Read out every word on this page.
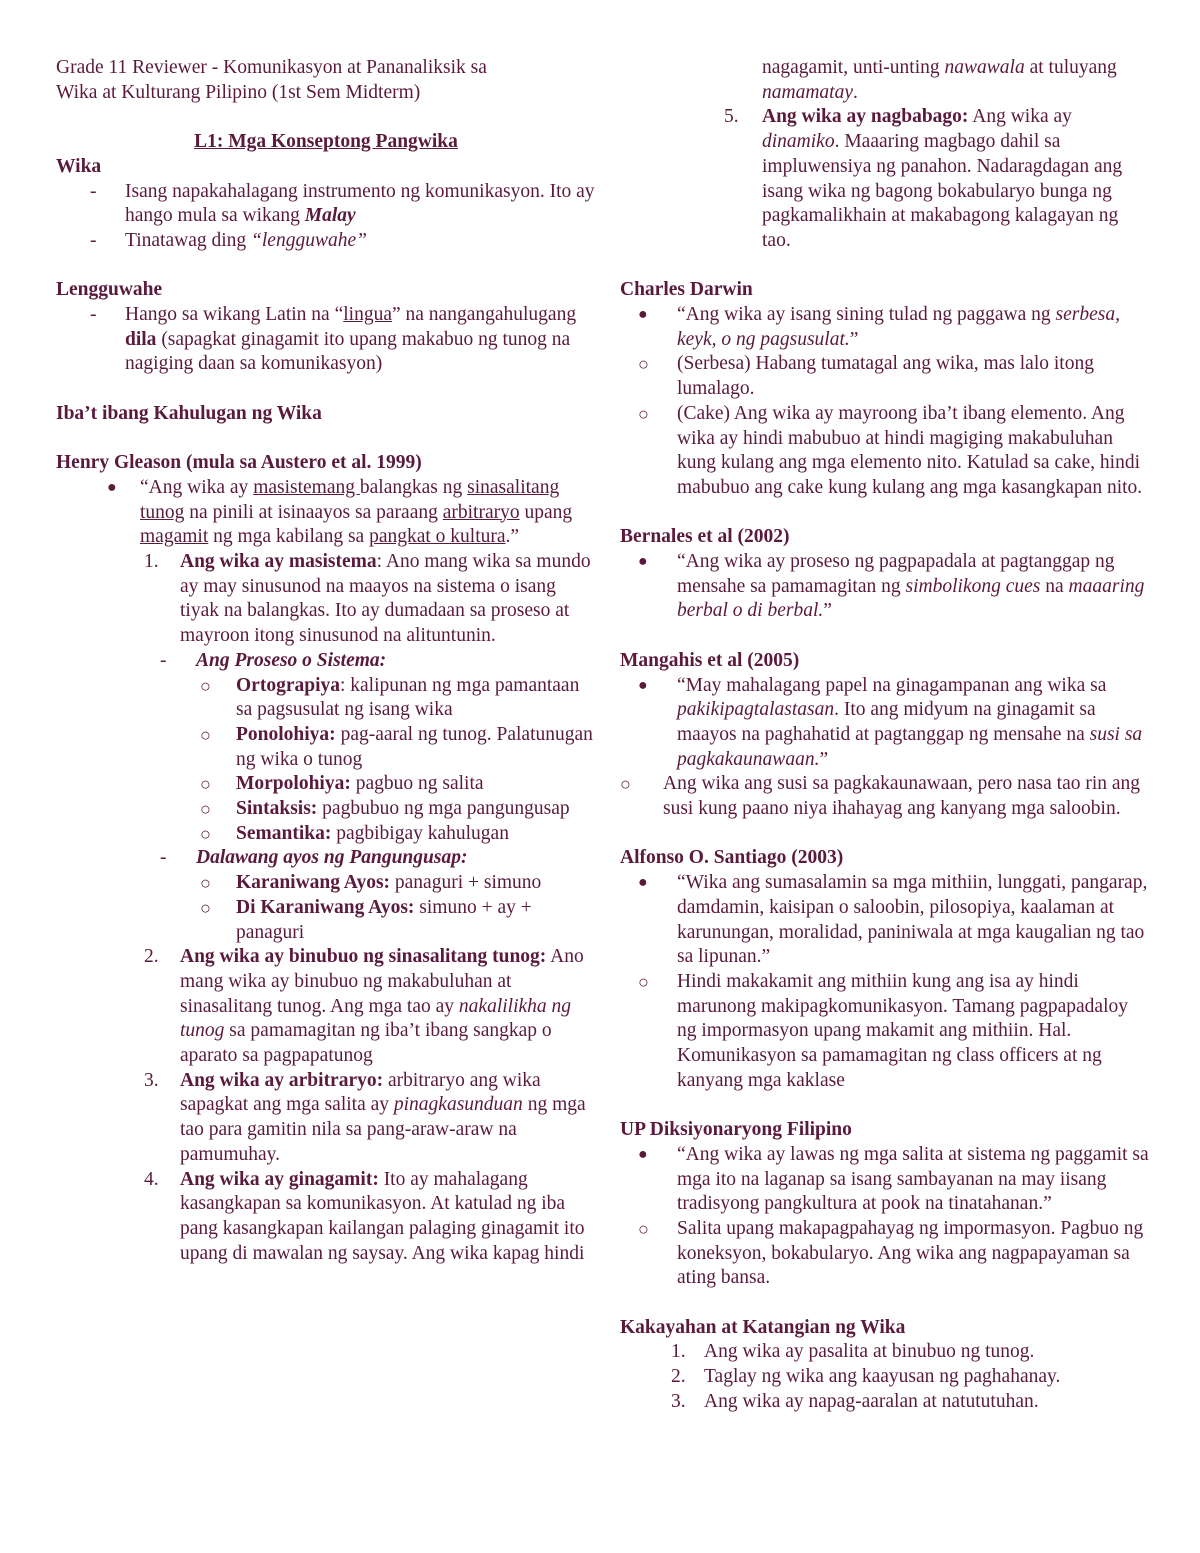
Grade 11 Reviewer - Komunikasyon at Pananaliksik sa
Wika at Kulturang Pilipino (1st Sem Midterm)

L1: Mga Konseptong Pangwika

Wika

-	Isang napakahalagang instrumento ng komunikasyon. Ito ay hango mula sa wikang Malay
-	Tinatawag ding “lengguwahe”

Lengguwahe

-	Hango sa wikang Latin na “lingua” na nangangahulugang dila (sapagkat ginagamit ito upang makabuo ng tunog na nagiging daan sa komunikasyon)

Iba’t ibang Kahulugan ng Wika

Henry Gleason (mula sa Austero et al. 1999)

●	“Ang wika ay masistemang balangkas ng sinasalitang tunog na pinili at isinaayos sa paraang arbitraryo upang magamit ng mga kabilang sa pangkat o kultura.”
1.	Ang wika ay masistema: Ano mang wika sa mundo ay may sinusunod na maayos na sistema o isang tiyak na balangkas. Ito ay dumadaan sa proseso at mayroon itong sinusunod na alituntunin.
-	Ang Proseso o Sistema:
○	Ortograpiya: kalipunan ng mga pamantaan sa pagsusulat ng isang wika
○	Ponolohiya: pag-aaral ng tunog. Palatunugan ng wika o tunog
○	Morpolohiya: pagbuo ng salita
○	Sintaksis: pagbubuo ng mga pangungusap
○	Semantika: pagbibigay kahulugan
-	Dalawang ayos ng Pangungusap:
○	Karaniwang Ayos: panaguri + simuno
○	Di Karaniwang Ayos: simuno + ay + panaguri
2.	Ang wika ay binubuo ng sinasalitang tunog: Ano mang wika ay binubuo ng makabuluhan at sinasalitang tunog. Ang mga tao ay nakalilikha ng tunog sa pamamagitan ng iba’t ibang sangkap o aparato sa pagpapatunog
3.	Ang wika ay arbitraryo: arbitraryo ang wika sapagkat ang mga salita ay pinagkasunduan ng mga tao para gamitin nila sa pang-araw-araw na pamumuhay.
4.	Ang wika ay ginagamit: Ito ay mahalagang kasangkapan sa komunikasyon. At katulad ng iba pang kasangkapan kailangan palaging ginagamit ito upang di mawalan ng saysay. Ang wika kapag hindi
nagagamit, unti-unting nawawala at tuluyang namamatay.
5.	Ang wika ay nagbabago: Ang wika ay dinamiko. Maaaring magbago dahil sa impluwensiya ng panahon. Nadaragdagan ang isang wika ng bagong bokabularyo bunga ng pagkamalikhain at makabagong kalagayan ng tao.

Charles Darwin

●	“Ang wika ay isang sining tulad ng paggawa ng serbesa, keyk, o ng pagsusulat.”
○	(Serbesa) Habang tumatagal ang wika, mas lalo itong lumalago.
○	(Cake) Ang wika ay mayroong iba’t ibang elemento. Ang wika ay hindi mabubuo at hindi magiging makabuluhan kung kulang ang mga elemento nito. Katulad sa cake, hindi mabubuo ang cake kung kulang ang mga kasangkapan nito.

Bernales et al (2002)

●	“Ang wika ay proseso ng pagpapadala at pagtanggap ng mensahe sa pamamagitan ng simbolikong cues na maaaring berbal o di berbal.”

Mangahis et al (2005)

●	“May mahalagang papel na ginagampanan ang wika sa pakikipagtalastasan. Ito ang midyum na ginagamit sa maayos na paghahatid at pagtanggap ng mensahe na susi sa pagkakaunawaan.”
○	Ang wika ang susi sa pagkakaunawaan, pero nasa tao rin ang susi kung paano niya ihahayag ang kanyang mga saloobin.

Alfonso O. Santiago (2003)

●	“Wika ang sumasalamin sa mga mithiin, lunggati, pangarap, damdamin, kaisipan o saloobin, pilosopiya, kaalaman at karunungan, moralidad, paniniwala at mga kaugalian ng tao sa lipunan.”
○	Hindi makakamit ang mithiin kung ang isa ay hindi marunong makipagkomunikasyon. Tamang pagpapadaloy ng impormasyon upang makamit ang mithiin. Hal. Komunikasyon sa pamamagitan ng class officers at ng kanyang mga kaklase

UP Diksiyonaryong Filipino

●	“Ang wika ay lawas ng mga salita at sistema ng paggamit sa mga ito na laganap sa isang sambayanan na may iisang tradisyong pangkultura at pook na tinatahanan.”
○	Salita upang makapagpahayag ng impormasyon. Pagbuo ng koneksyon, bokabularyo. Ang wika ang nagpapayaman sa ating bansa.

Kakayahan at Katangian ng Wika

1. Ang wika ay pasalita at binubuo ng tunog.
2. Taglay ng wika ang kaayusan ng paghahanay.
3. Ang wika ay napag-aaralan at natututuhan.
